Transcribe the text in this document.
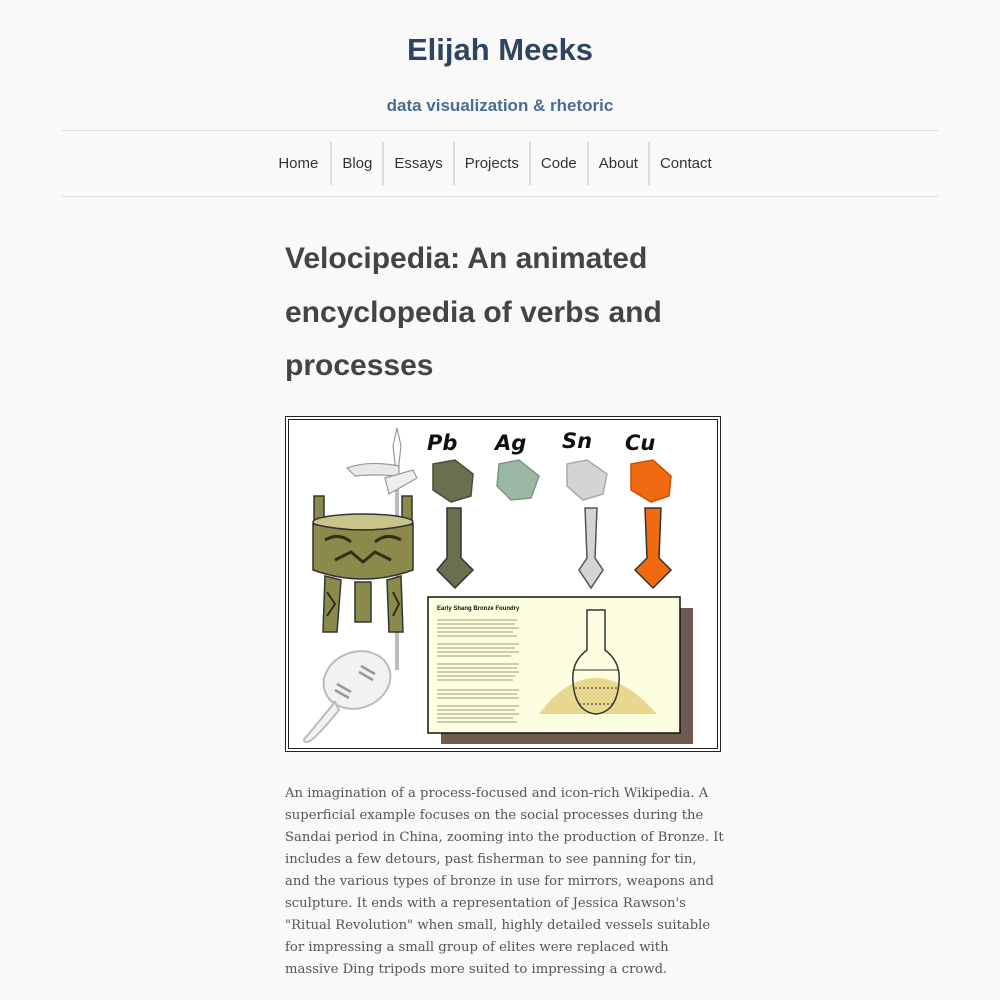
Elijah Meeks

data visualization & rhetoric

Home	Blog	Essays	Projects	Code	About	Contact
Velocipedia: An animated encyclopedia of verbs and processes
Pb Ag Sn Cu
Early Shang Bronze Foundry

An imagination of a process-focused and icon-rich Wikipedia. A superficial example focuses on the social processes during the Sandai period in China, zooming into the production of Bronze. It includes a few detours, past fisherman to see panning for tin, and the various types of bronze in use for mirrors, weapons and sculpture. It ends with a representation of Jessica Rawson's "Ritual Revolution" when small, highly detailed vessels suitable for impressing a small group of elites were replaced with massive Ding tripods more suited to impressing a crowd.
